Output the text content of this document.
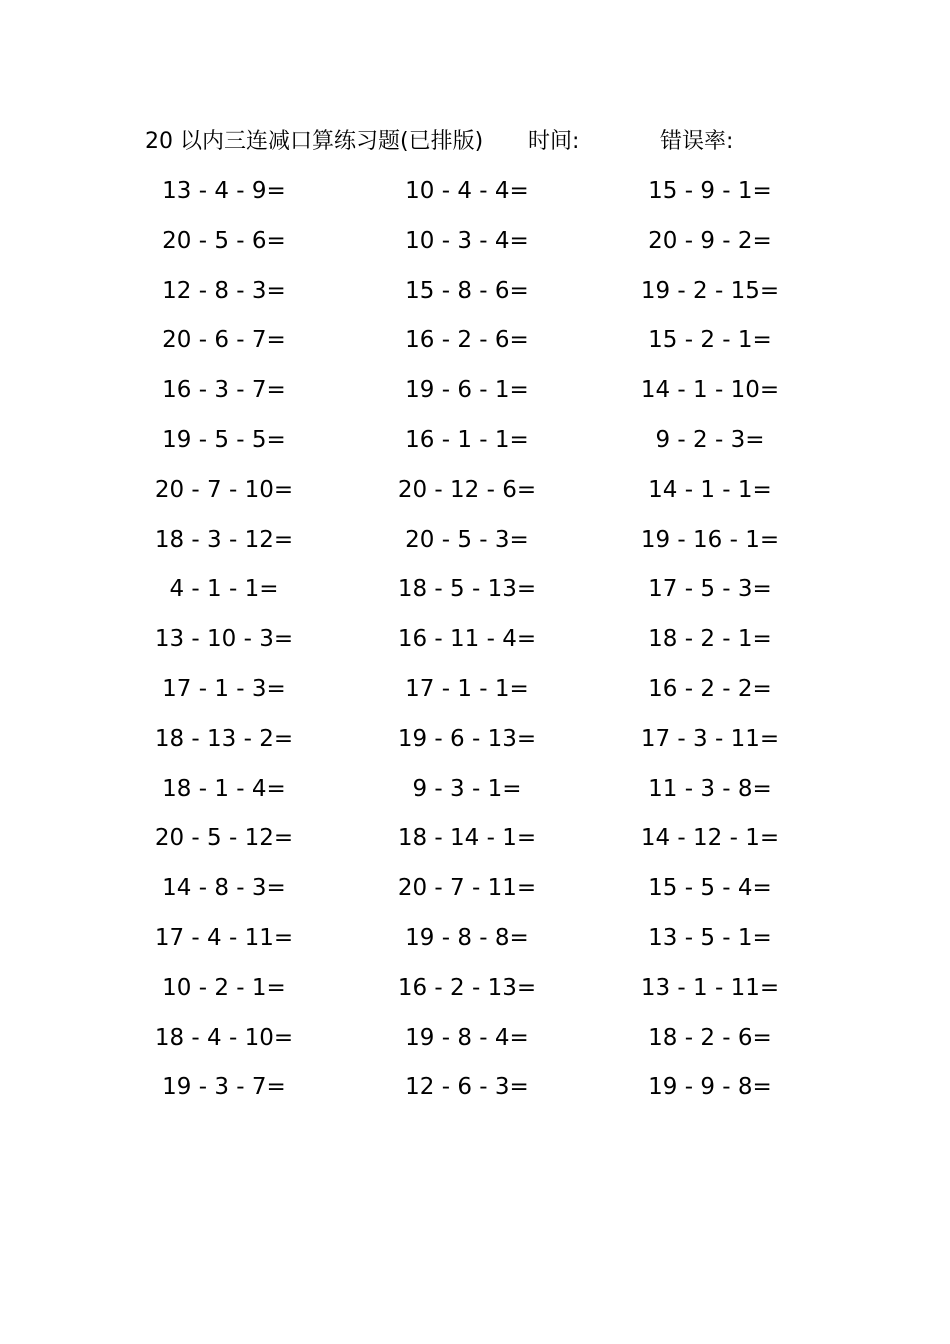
20 以内三连减口算练习题(已排版) 时间:	错误率:
13 - 4 - 9=	10 - 4 - 4=	15 - 9 - 1=
20 - 5 - 6=	10 - 3 - 4=	20 - 9 - 2=
12 - 8 - 3=	15 - 8 - 6=	19 - 2 - 15=
20 - 6 - 7=	16 - 2 - 6=	15 - 2 - 1=
16 - 3 - 7=	19 - 6 - 1=	14 - 1 - 10=
19 - 5 - 5=	16 - 1 - 1=	9 - 2 - 3=
20 - 7 - 10=	20 - 12 - 6=	14 - 1 - 1=
18 - 3 - 12=	20 - 5 - 3=	19 - 16 - 1=
4 - 1 - 1=	18 - 5 - 13=	17 - 5 - 3=
13 - 10 - 3=	16 - 11 - 4=	18 - 2 - 1=
17 - 1 - 3=	17 - 1 - 1=	16 - 2 - 2=
18 - 13 - 2=	19 - 6 - 13=	17 - 3 - 11=
18 - 1 - 4=	9 - 3 - 1=	11 - 3 - 8=
20 - 5 - 12=	18 - 14 - 1=	14 - 12 - 1=
14 - 8 - 3=	20 - 7 - 11=	15 - 5 - 4=
17 - 4 - 11=	19 - 8 - 8=	13 - 5 - 1=
10 - 2 - 1=	16 - 2 - 13=	13 - 1 - 11=
18 - 4 - 10=	19 - 8 - 4=	18 - 2 - 6=
19 - 3 - 7=	12 - 6 - 3=	19 - 9 - 8=
